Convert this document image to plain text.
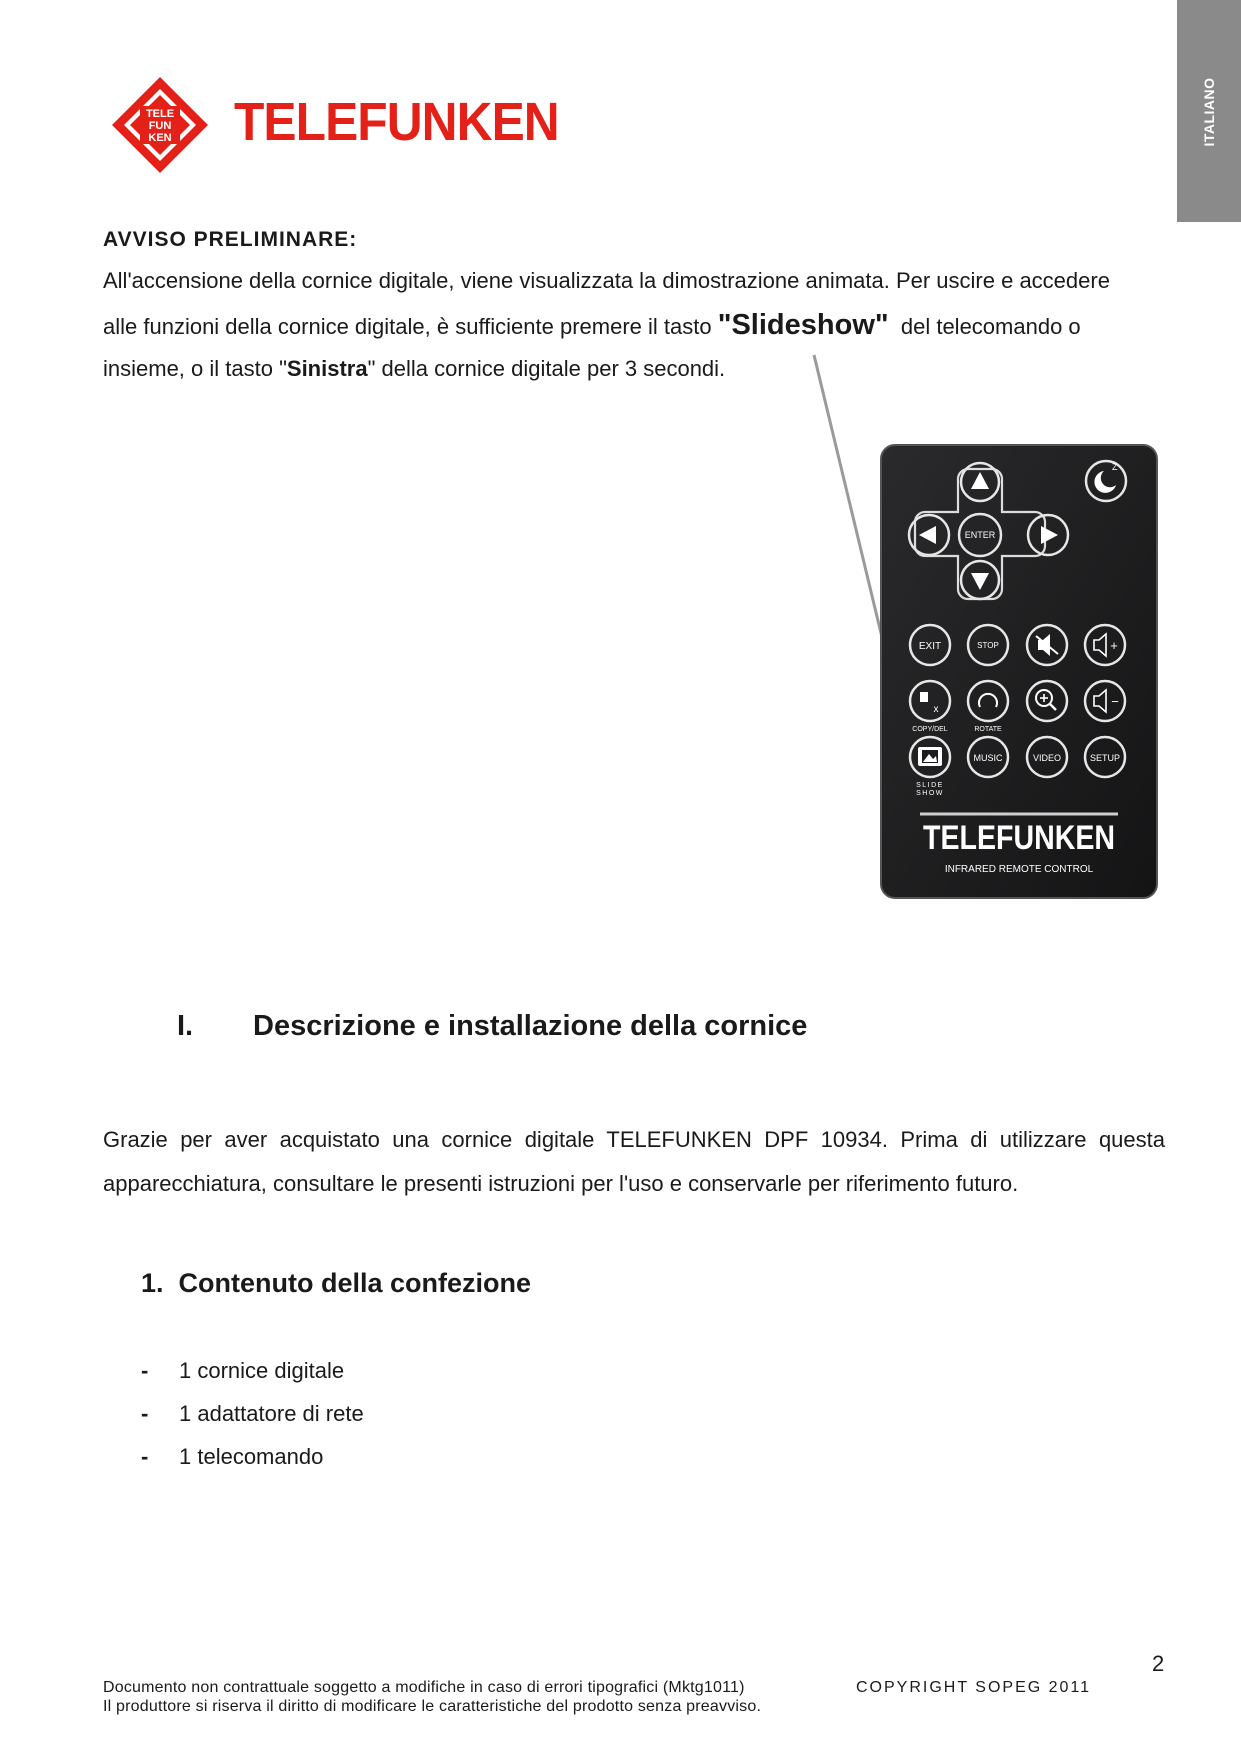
ITALIANO
TELE
FUN
KEN TELEFUNKEN
AVVISO PRELIMINARE:
All'accensione della cornice digitale, viene visualizzata la dimostrazione animata. Per uscire e accedere
alle funzioni della cornice digitale, è sufficiente premere il tasto "Slideshow"  del telecomando o
insieme, o il tasto "Sinistra" della cornice digitale per 3 secondi.
ENTER
Z
EXIT	STOP	+
x
−
COPY/DEL	ROTATE
MUSIC	VIDEO	SETUP
SLIDE
SHOW
TELEFUNKEN
INFRARED REMOTE CONTROL
I. Descrizione e installazione della cornice
Grazie per aver acquistato una cornice digitale TELEFUNKEN DPF 10934. Prima di utilizzare questa apparecchiatura, consultare le presenti istruzioni per l'uso e conservarle per riferimento futuro.
1.  Contenuto della confezione
- 1 cornice digitale
- 1 adattatore di rete
- 1 telecomando
2
Documento non contrattuale soggetto a modifiche in caso di errori tipografici (Mktg1011)
Il produttore si riserva il diritto di modificare le caratteristiche del prodotto senza preavviso.
COPYRIGHT SOPEG 2011
